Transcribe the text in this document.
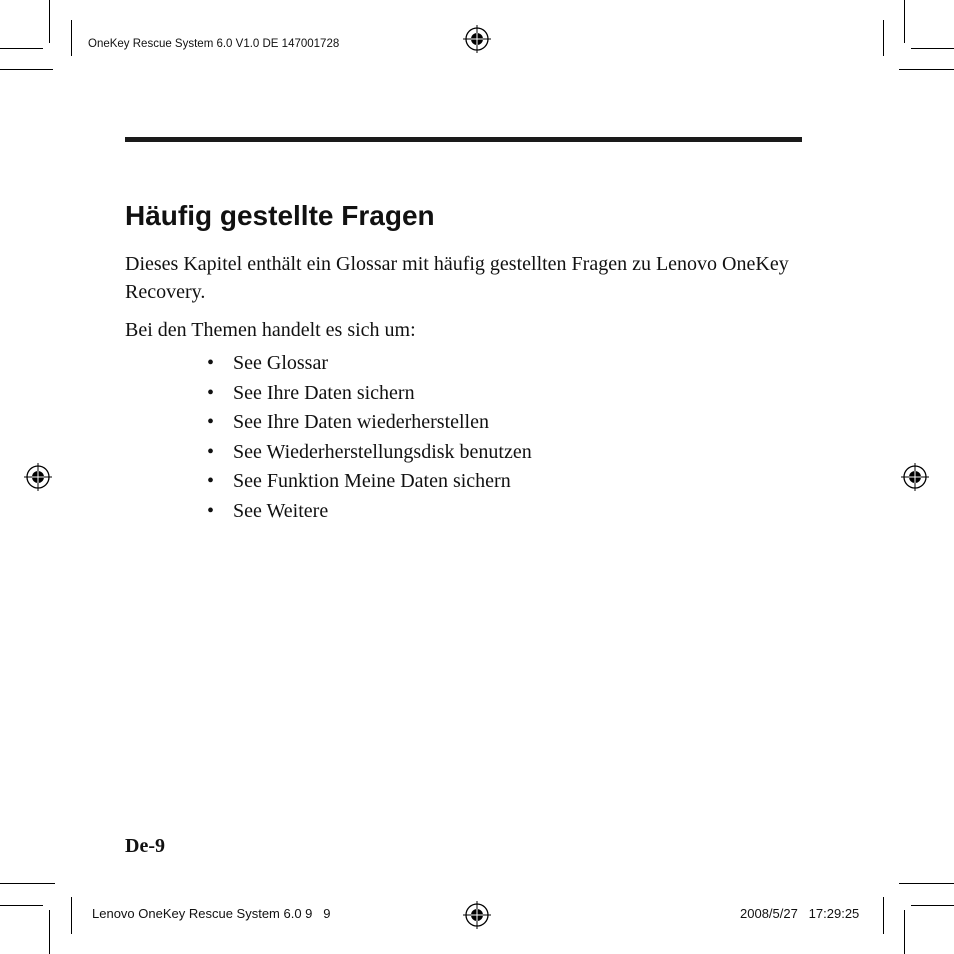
OneKey Rescue System 6.0 V1.0 DE 147001728
Häufig gestellte Fragen

Dieses Kapitel enthält ein Glossar mit häufig gestellten Fragen zu Lenovo OneKey Recovery.

Bei den Themen handelt es sich um:

• See Glossar
• See Ihre Daten sichern
• See Ihre Daten wiederherstellen
• See Wiederherstellungsdisk benutzen
• See Funktion Meine Daten sichern
• See Weitere
De-9
Lenovo OneKey Rescue System 6.0 9   9	2008/5/27   17:29:25
